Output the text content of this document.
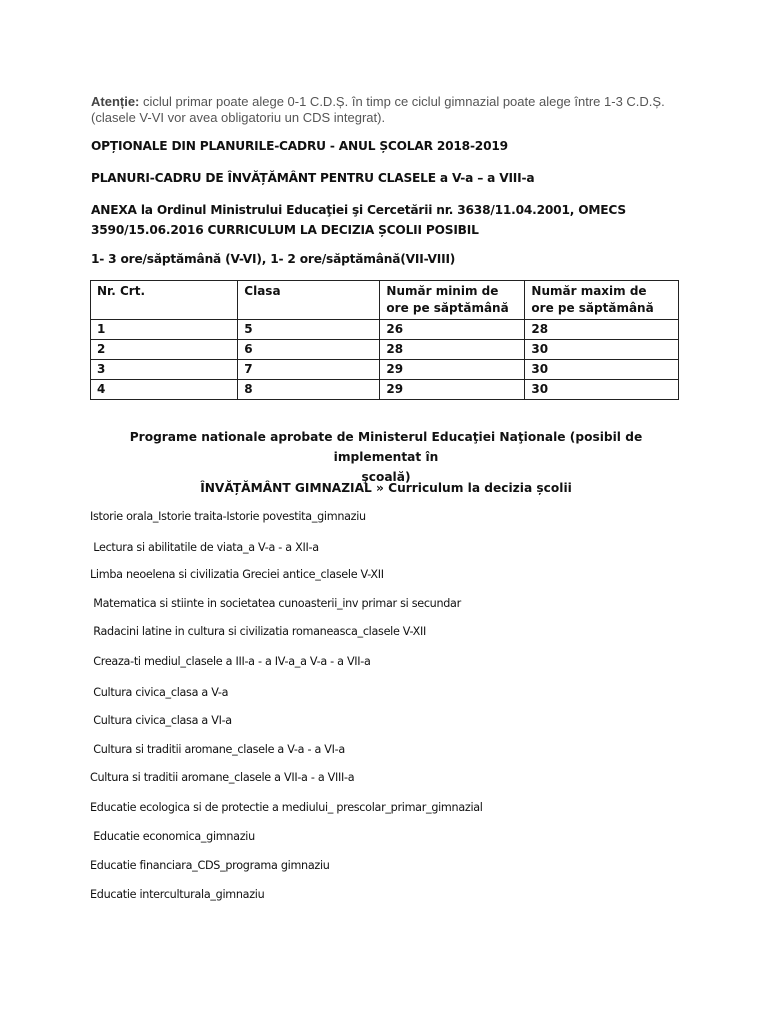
Atenție: ciclul primar poate alege 0-1 C.D.Ș. în timp ce ciclul gimnazial poate alege între 1-3 C.D.Ș.
(clasele V-VI vor avea obligatoriu un CDS integrat).
OPȚIONALE DIN PLANURILE-CADRU - ANUL ȘCOLAR 2018-2019
PLANURI-CADRU DE ÎNVĂȚĂMÂNT PENTRU CLASELE a V-a – a VIII-a
ANEXA la Ordinul Ministrului Educaţiei şi Cercetării nr. 3638/11.04.2001, OMECS
3590/15.06.2016 CURRICULUM LA DECIZIA ȘCOLII POSIBIL
1- 3 ore/săptămână (V-VI), 1- 2 ore/săptămână(VII-VIII)
Nr. Crt.	Clasa	Număr minim de ore pe săptămână	Număr maxim de ore pe săptămână
1	5	26	28
2	6	28	30
3	7	29	30
4	8	29	30
Programe nationale aprobate de Ministerul Educaţiei Naţionale (posibil de implementat în
şcoală)
ÎNVĂȚĂMÂNT GIMNAZIAL » Curriculum la decizia școlii
Istorie orala_Istorie traita-Istorie povestita_gimnaziu
Lectura si abilitatile de viata_a V-a - a XII-a
Limba neoelena si civilizatia Greciei antice_clasele V-XII
Matematica si stiinte in societatea cunoasterii_inv primar si secundar
Radacini latine in cultura si civilizatia romaneasca_clasele V-XII
Creaza-ti mediul_clasele a III-a - a IV-a_a V-a - a VII-a
Cultura civica_clasa a V-a
Cultura civica_clasa a VI-a
Cultura si traditii aromane_clasele a V-a - a VI-a
Cultura si traditii aromane_clasele a VII-a - a VIII-a
Educatie ecologica si de protectie a mediului_ prescolar_primar_gimnazial
Educatie economica_gimnaziu
Educatie financiara_CDS_programa gimnaziu
Educatie interculturala_gimnaziu
